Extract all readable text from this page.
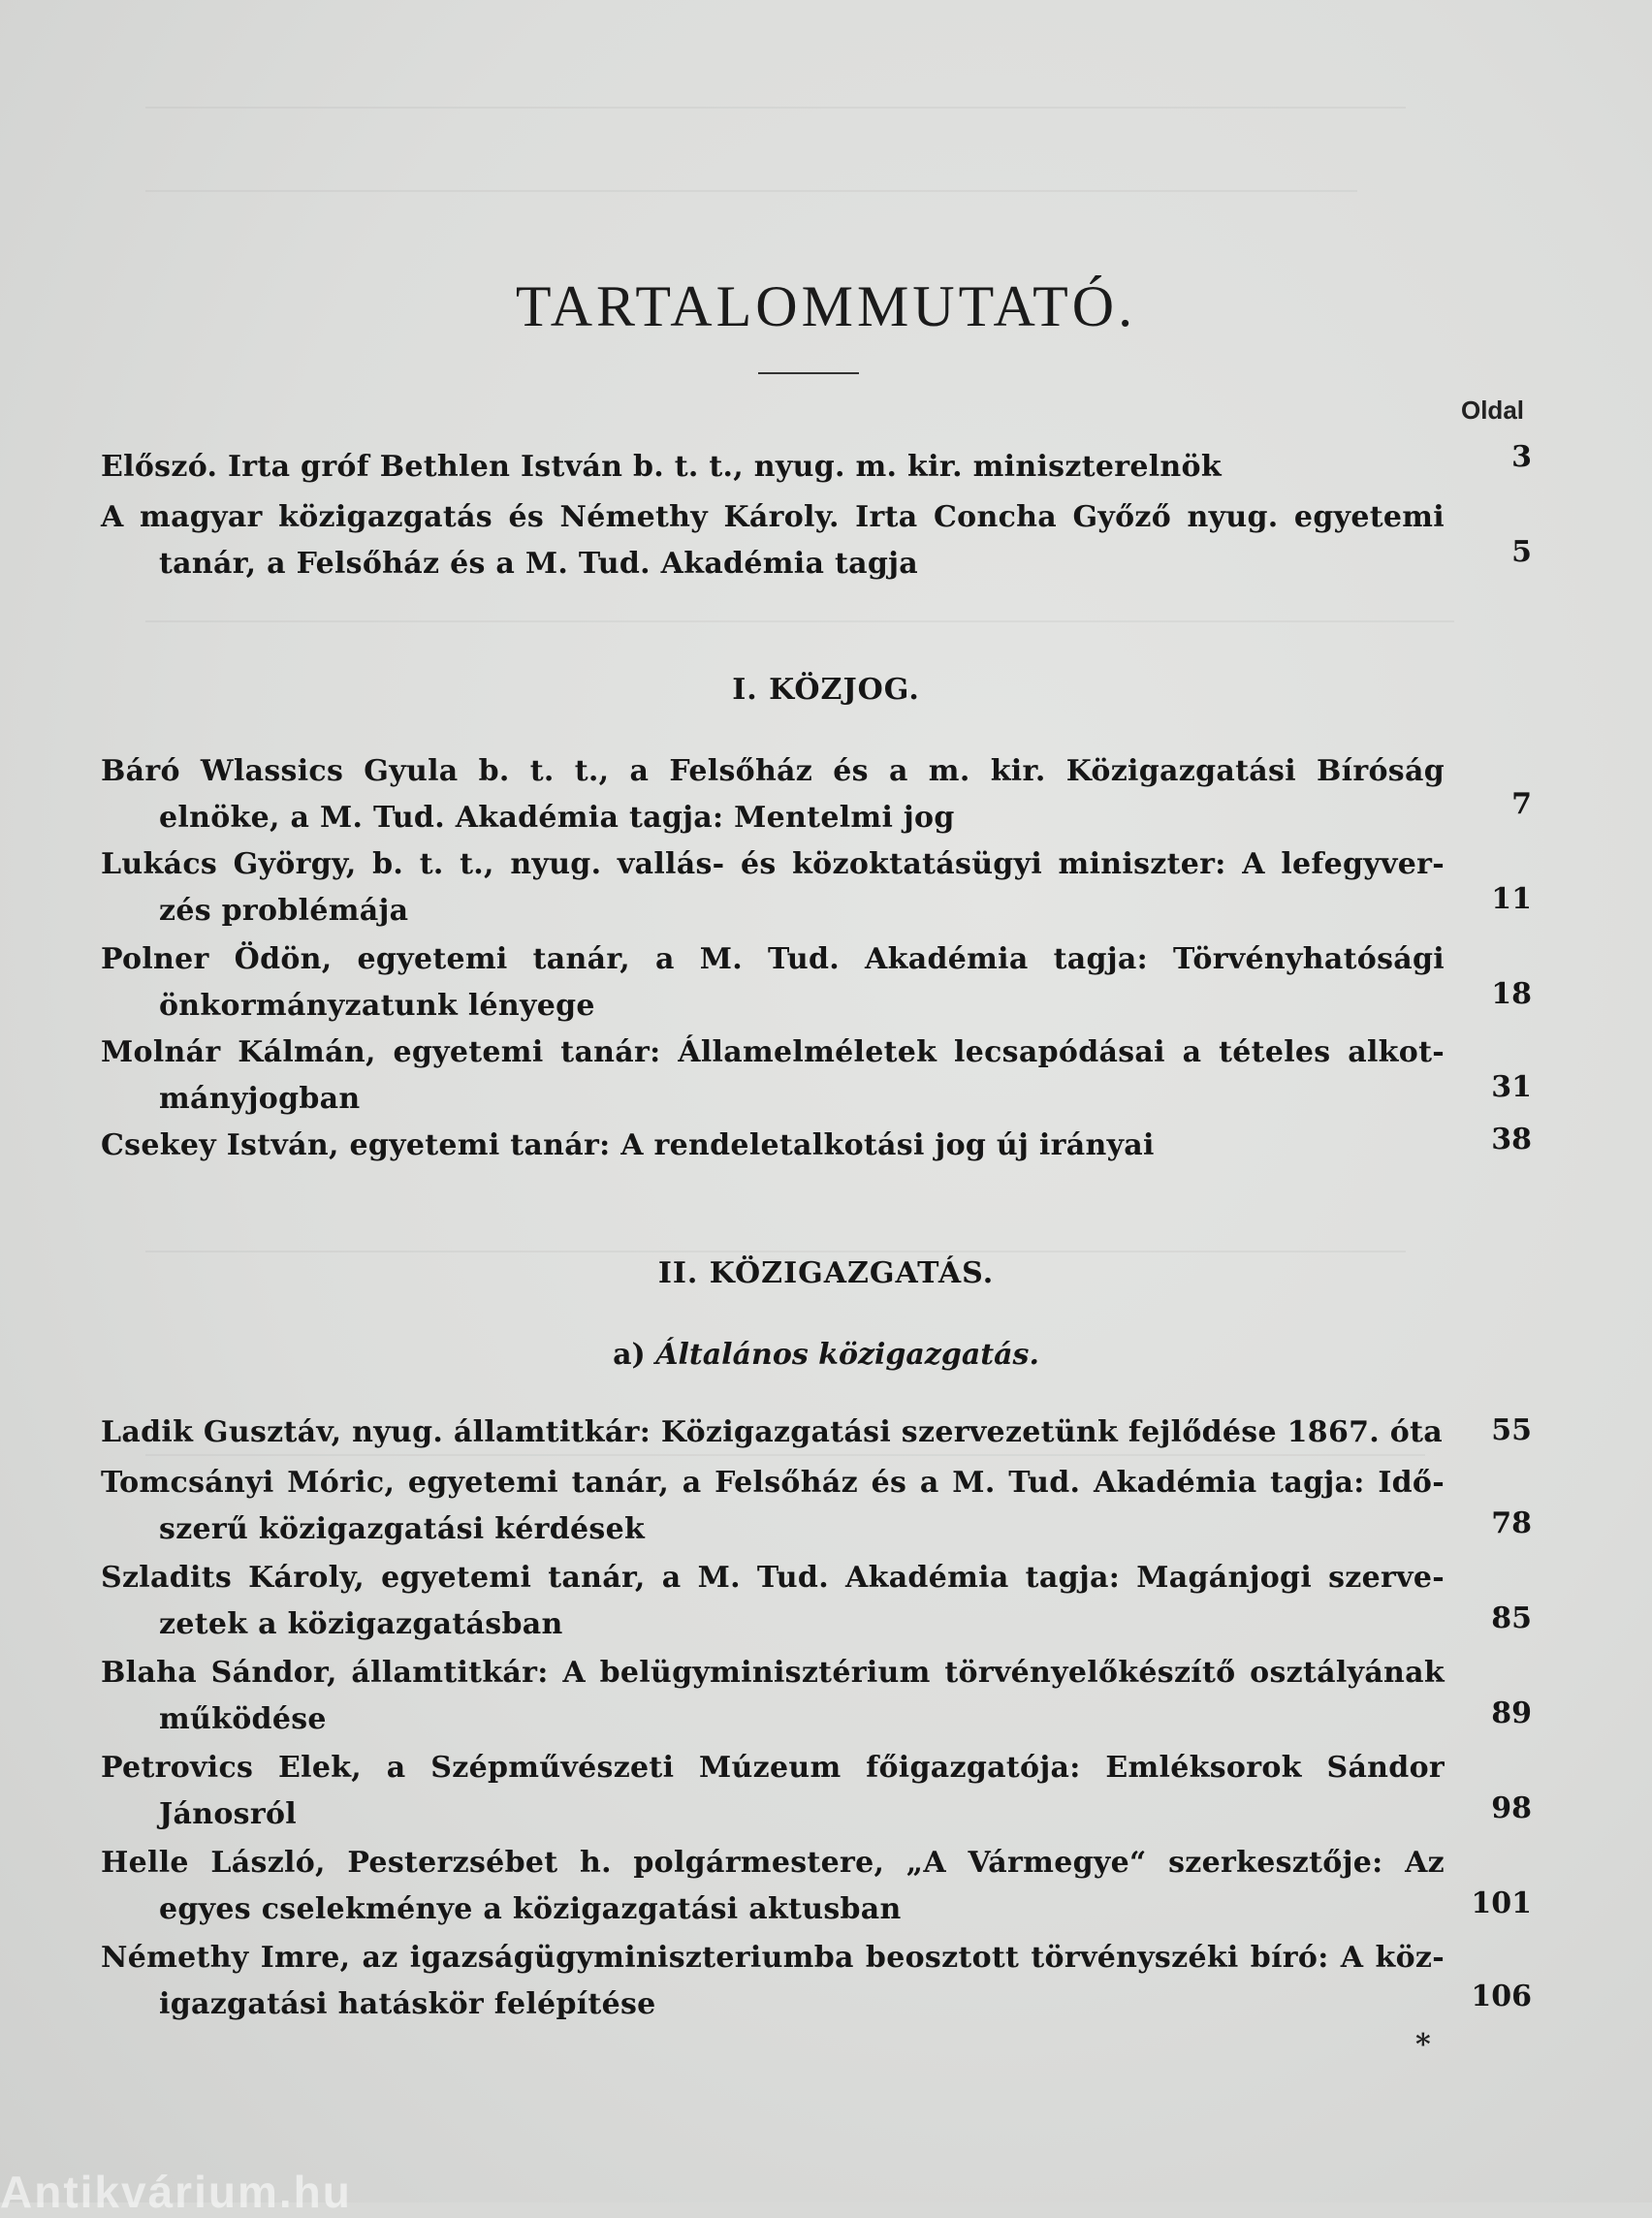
TARTALOMMUTATÓ.
Oldal
Előszó. Irta gróf Bethlen István b. t. t., nyug. m. kir. miniszterelnök	3
A magyar közigazgatás és Némethy Károly. Irta Concha Győző nyug. egyetemi
tanár, a Felsőház és a M. Tud. Akadémia tagja	5
I. KÖZJOG.
Báró Wlassics Gyula b. t. t., a Felsőház és a m. kir. Közigazgatási Bíróság
elnöke, a M. Tud. Akadémia tagja: Mentelmi jog	7
Lukács György, b. t. t., nyug. vallás- és közoktatásügyi miniszter: A lefegyver-
zés problémája	11
Polner Ödön, egyetemi tanár, a M. Tud. Akadémia tagja: Törvényhatósági
önkormányzatunk lényege	18
Molnár Kálmán, egyetemi tanár: Államelméletek lecsapódásai a tételes alkot-
mányjogban	31
Csekey István, egyetemi tanár: A rendeletalkotási jog új irányai	38
II. KÖZIGAZGATÁS.
a) Általános közigazgatás.
Ladik Gusztáv, nyug. államtitkár: Közigazgatási szervezetünk fejlődése 1867. óta	55
Tomcsányi Móric, egyetemi tanár, a Felsőház és a M. Tud. Akadémia tagja: Idő-
szerű közigazgatási kérdések	78
Szladits Károly, egyetemi tanár, a M. Tud. Akadémia tagja: Magánjogi szerve-
zetek a közigazgatásban	85
Blaha Sándor, államtitkár: A belügyminisztérium törvényelőkészítő osztályának
működése	89
Petrovics Elek, a Szépművészeti Múzeum főigazgatója: Emléksorok Sándor
Jánosról	98
Helle László, Pesterzsébet h. polgármestere, „A Vármegye“ szerkesztője: Az
egyes cselekménye a közigazgatási aktusban	101
Némethy Imre, az igazságügyminiszteriumba beosztott törvényszéki bíró: A köz-
igazgatási hatáskör felépítése	106
*
Antikvárium.hu
